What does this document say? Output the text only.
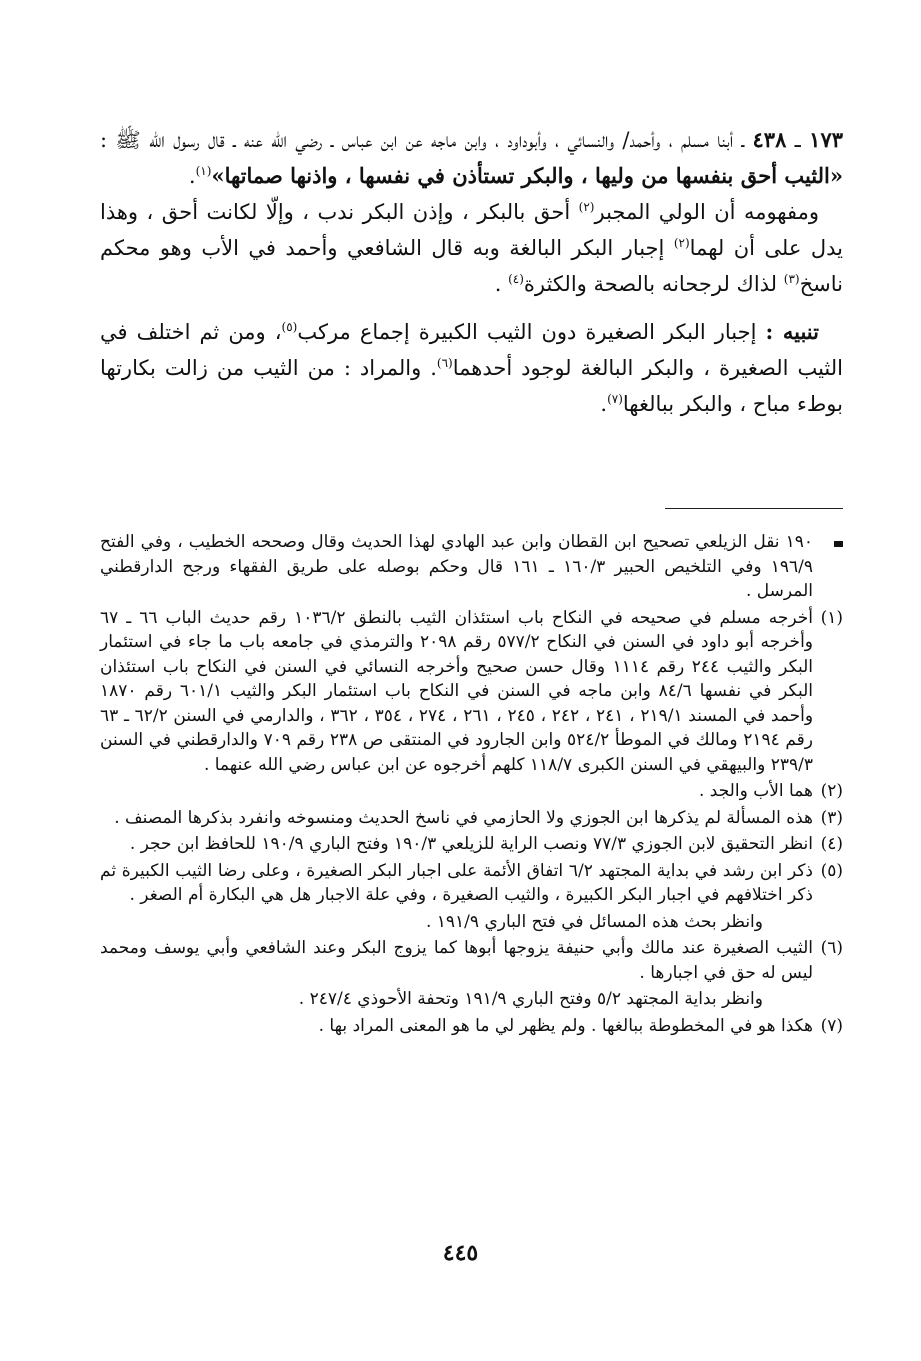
١٧٣ ـ ٤٣٨ ـ أبنا مسلم ، وأحمد/ والنسائي ، وأبوداود ، وابن ماجه عن ابن عباس ـ رضي الله عنه ـ قال رسول الله ﷺ : «الثيب أحق بنفسها من وليها ، والبكر تستأذن في نفسها ، واذنها صماتها»$^{(١)}$.

ومفهومه أن الولي المجبر$^{(٢)}$ أحق بالبكر ، وإذن البكر ندب ، وإلّا لكانت أحق ، وهذا يدل على أن لهما$^{(٢)}$ إجبار البكر البالغة وبه قال الشافعي وأحمد في الأب وهو محكم ناسخ$^{(٣)}$ لذاك لرجحانه بالصحة والكثرة$^{(٤)}$ .

تنبيه : إجبار البكر الصغيرة دون الثيب الكبيرة إجماع مركب$^{(٥)}$، ومن ثم اختلف في الثيب الصغيرة ، والبكر البالغة لوجود أحدهما$^{(٦)}$. والمراد : من الثيب من زالت بكارتها بوطء مباح ، والبكر ببالغها$^{(٧)}$.

١٩٠ نقل الزيلعي تصحيح ابن القطان وابن عبد الهادي لهذا الحديث وقال وصححه الخطيب ، وفي الفتح ١٩٦/٩ وفي التلخيص الحبير ١٦٠/٣ ـ ١٦١ قال وحكم بوصله على طريق الفقهاء ورجح الدارقطني المرسل .
(١)
أخرجه مسلم في صحيحه في النكاح باب استئذان الثيب بالنطق ١٠٣٦/٢ رقم حديث الباب ٦٦ ـ ٦٧ وأخرجه أبو داود في السنن في النكاح ٥٧٧/٢ رقم ٢٠٩٨ والترمذي في جامعه باب ما جاء في استئمار البكر والثيب ٢٤٤ رقم ١١١٤ وقال حسن صحيح وأخرجه النسائي في السنن في النكاح باب استئذان البكر في نفسها ٨٤/٦ وابن ماجه في السنن في النكاح باب استئمار البكر والثيب ٦٠١/١ رقم ١٨٧٠ وأحمد في المسند ٢١٩/١ ، ٢٤١ ، ٢٤٢ ، ٢٤٥ ، ٢٦١ ، ٢٧٤ ، ٣٥٤ ، ٣٦٢ ، والدارمي في السنن ٦٢/٢ ـ ٦٣ رقم ٢١٩٤ ومالك في الموطأ ٥٢٤/٢ وابن الجارود في المنتقى ص ٢٣٨ رقم ٧٠٩ والدارقطني في السنن ٢٣٩/٣ والبيهقي في السنن الكبرى ١١٨/٧ كلهم أخرجوه عن ابن عباس رضي الله عنهما .
(٢)
هما الأب والجد .
(٣)
هذه المسألة لم يذكرها ابن الجوزي ولا الحازمي في ناسخ الحديث ومنسوخه وانفرد بذكرها المصنف .
(٤)
انظر التحقيق لابن الجوزي ٧٧/٣ ونصب الراية للزيلعي ١٩٠/٣ وفتح الباري ١٩٠/٩ للحافظ ابن حجر .
(٥)
ذكر ابن رشد في بداية المجتهد ٦/٢ اتفاق الأئمة على اجبار البكر الصغيرة ، وعلى رضا الثيب الكبيرة ثم ذكر اختلافهم في اجبار البكر الكبيرة ، والثيب الصغيرة ، وفي علة الاجبار هل هي البكارة أم الصغر .
وانظر بحث هذه المسائل في فتح الباري ١٩١/٩ .
(٦)
الثيب الصغيرة عند مالك وأبي حنيفة يزوجها أبوها كما يزوج البكر وعند الشافعي وأبي يوسف ومحمد ليس له حق في اجبارها .
وانظر بداية المجتهد ٥/٢ وفتح الباري ١٩١/٩ وتحفة الأحوذي ٢٤٧/٤ .
(٧)
هكذا هو في المخطوطة ببالغها . ولم يظهر لي ما هو المعنى المراد بها .
٤٤٥
